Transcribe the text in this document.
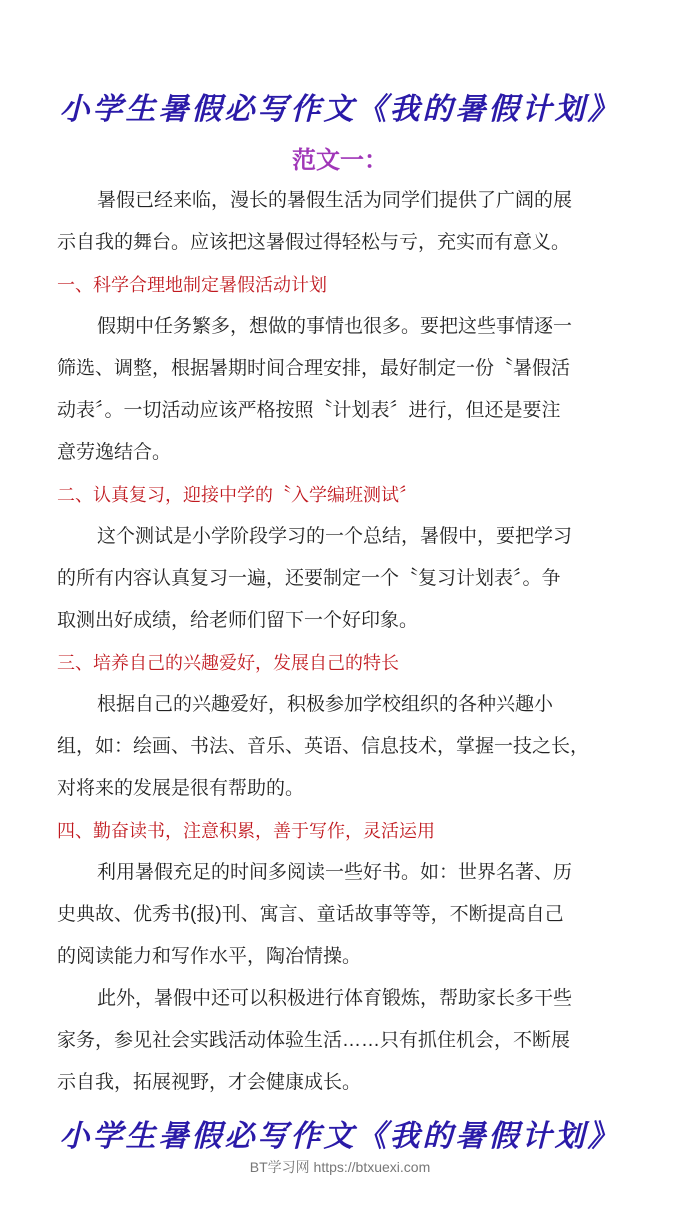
小学生暑假必写作文《我的暑假计划》
范文一：
暑假已经来临，漫长的暑假生活为同学们提供了广阔的展
示自我的舞台。应该把这暑假过得轻松与亏，充实而有意义。
一、科学合理地制定暑假活动计划
假期中任务繁多，想做的事情也很多。要把这些事情逐一
筛选、调整，根据暑期时间合理安排，最好制定一份〝暑假活
动表〞。一切活动应该严格按照〝计划表〞进行，但还是要注
意劳逸结合。
二、认真复习，迎接中学的〝入学编班测试〞
这个测试是小学阶段学习的一个总结，暑假中，要把学习
的所有内容认真复习一遍，还要制定一个〝复习计划表〞。争
取测出好成绩，给老师们留下一个好印象。
三、培养自己的兴趣爱好，发展自己的特长
根据自己的兴趣爱好，积极参加学校组织的各种兴趣小
组，如：绘画、书法、音乐、英语、信息技术，掌握一技之长，
对将来的发展是很有帮助的。
四、勤奋读书，注意积累，善于写作，灵活运用
利用暑假充足的时间多阅读一些好书。如：世界名著、历
史典故、优秀书(报)刊、寓言、童话故事等等，不断提高自己
的阅读能力和写作水平，陶冶情操。
此外，暑假中还可以积极进行体育锻炼，帮助家长多干些
家务，参见社会实践活动体验生活……只有抓住机会，不断展
示自我，拓展视野，才会健康成长。
小学生暑假必写作文《我的暑假计划》
BT学习网 https://btxuexi.com
